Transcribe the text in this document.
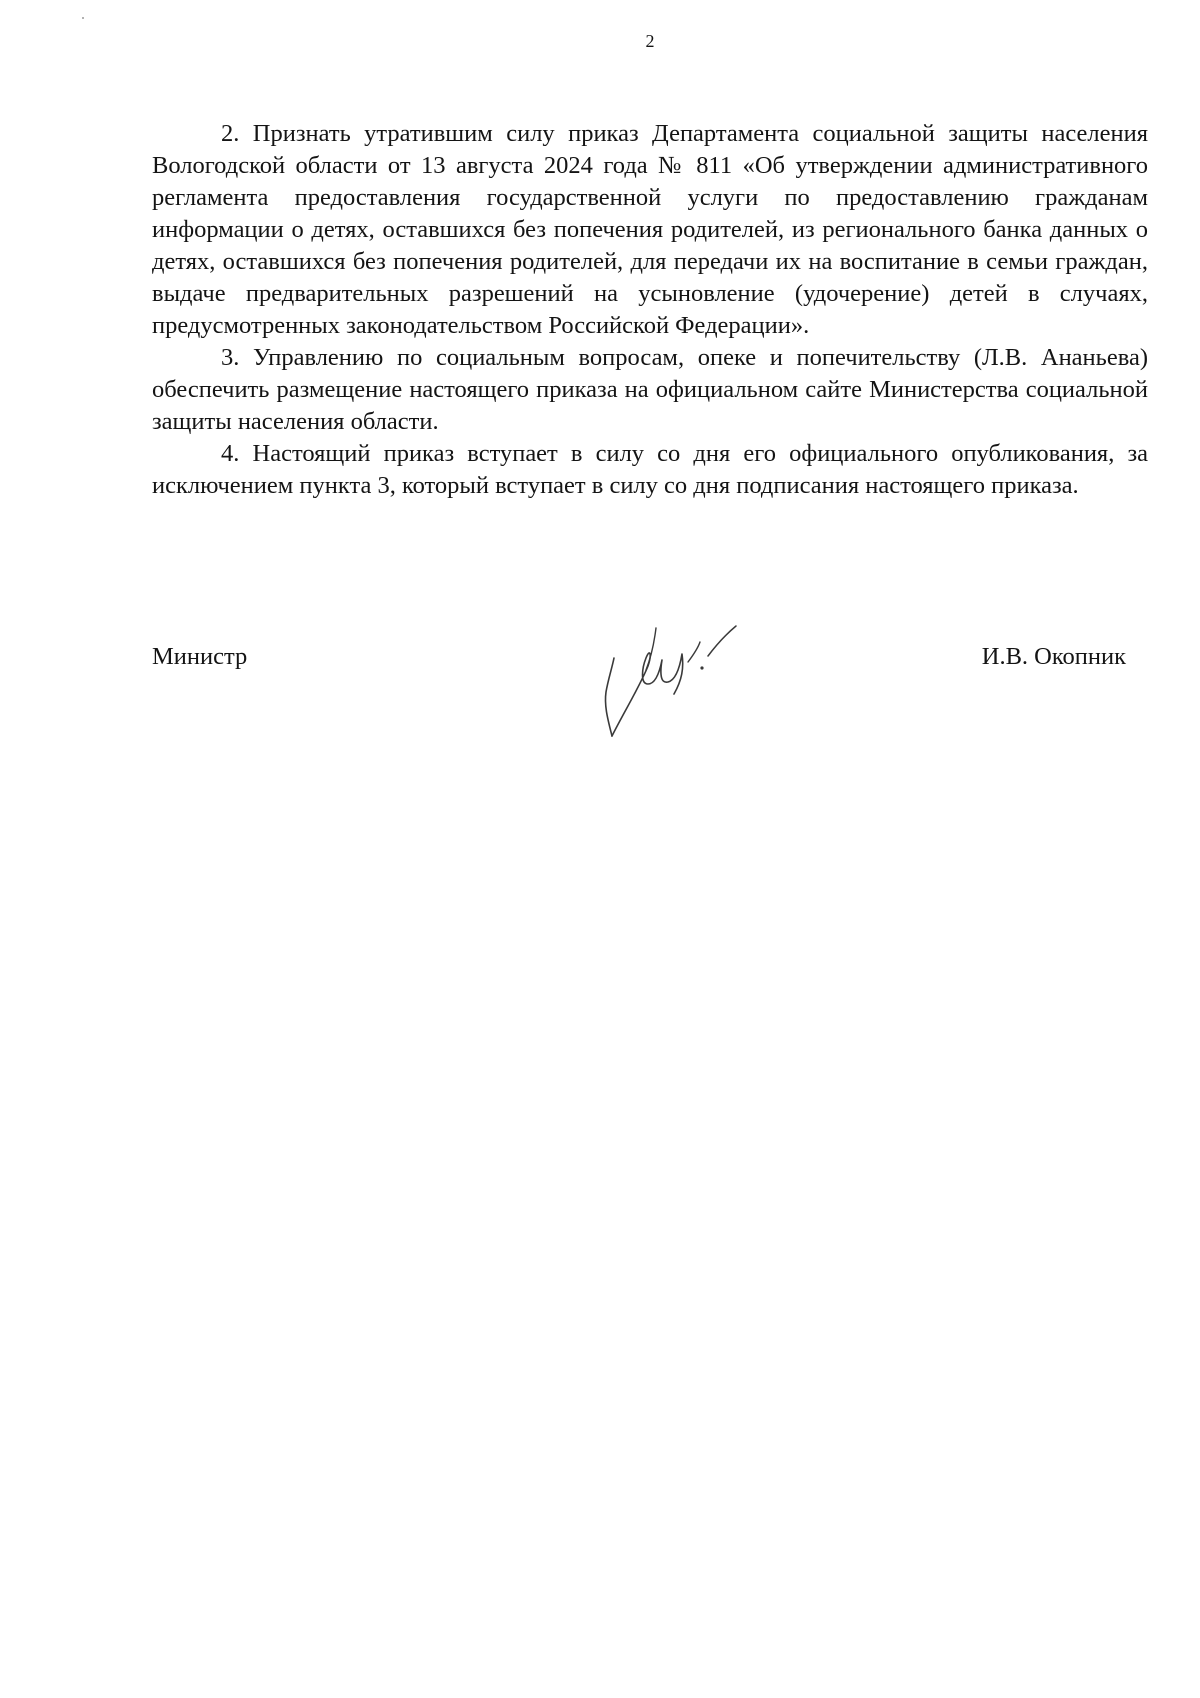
2

2. Признать утратившим силу приказ Департамента социальной защиты населения Вологодской области от 13 августа 2024 года № 811 «Об утверждении административного регламента предоставления государственной услуги по предоставлению гражданам информации о детях, оставшихся без попечения родителей, из регионального банка данных о детях, оставшихся без попечения родителей, для передачи их на воспитание в семьи граждан, выдаче предварительных разрешений на усыновление (удочерение) детей в случаях, предусмотренных законодательством Российской Федерации».

3. Управлению по социальным вопросам, опеке и попечительству (Л.В. Ананьева) обеспечить размещение настоящего приказа на официальном сайте Министерства социальной защиты населения области.

4. Настоящий приказ вступает в силу со дня его официального опубликования, за исключением пункта 3, который вступает в силу со дня подписания настоящего приказа.

Министр	И.В. Окопник
